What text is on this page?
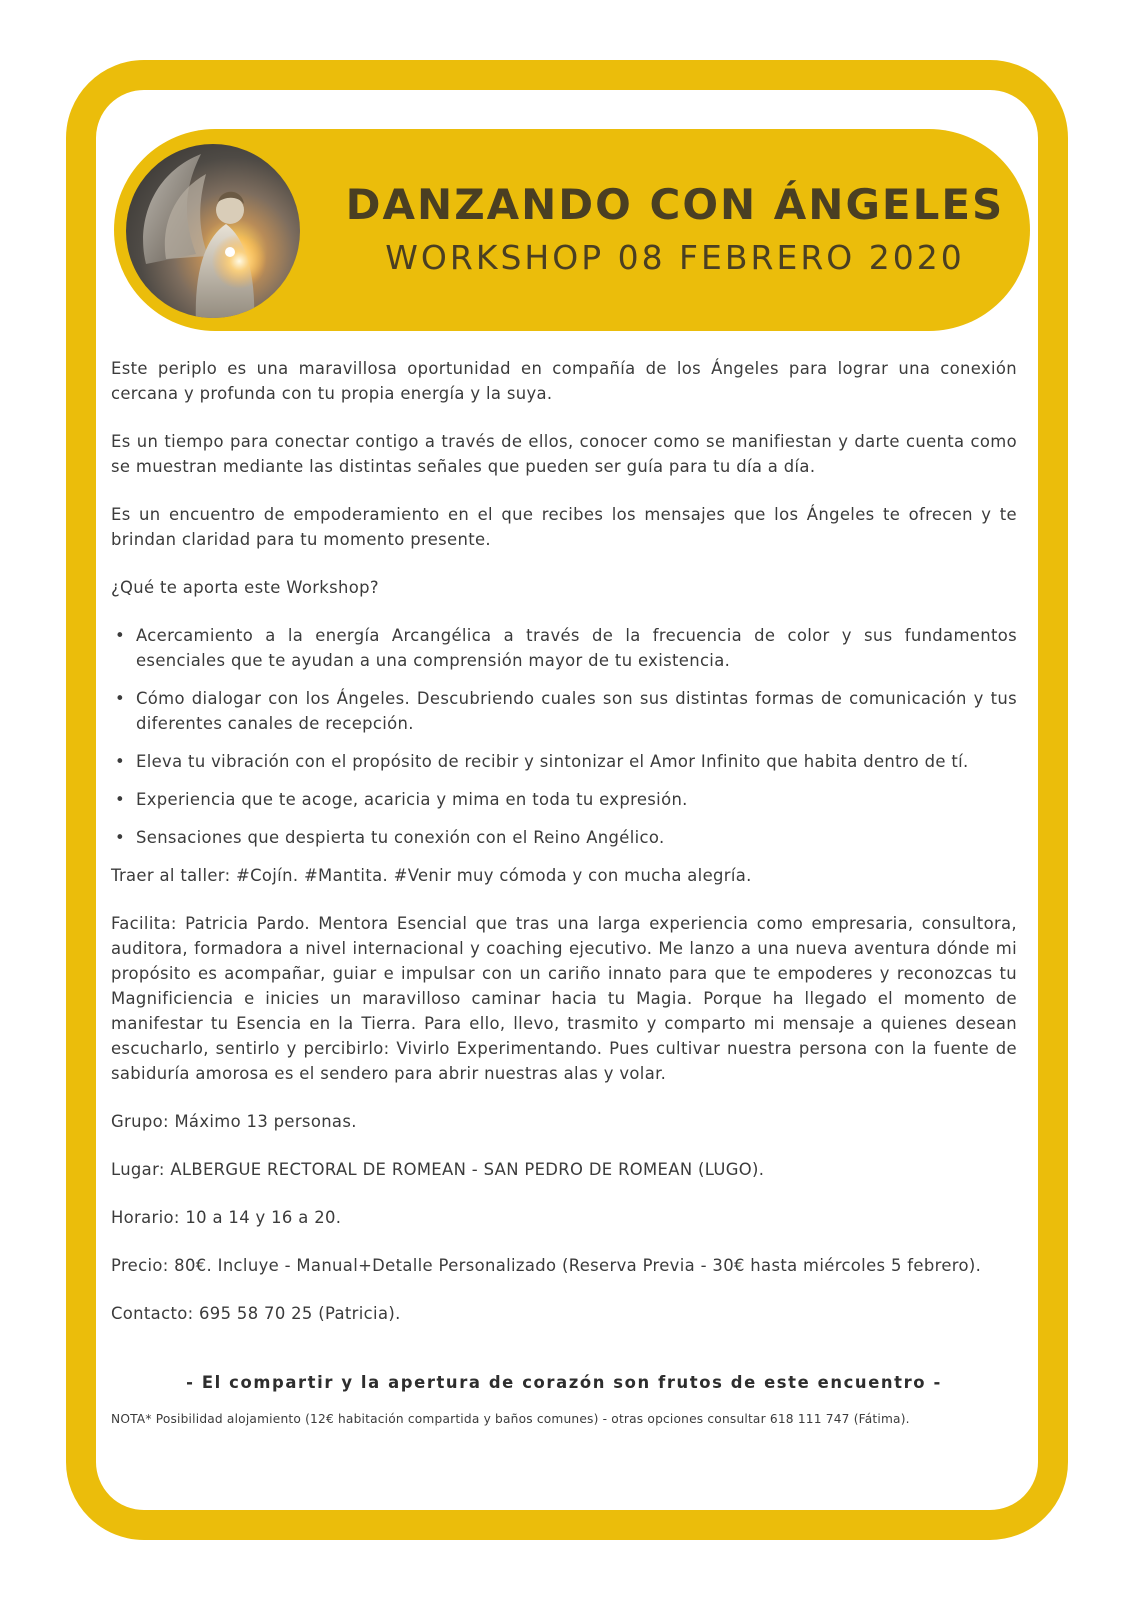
DANZANDO CON ÁNGELES
WORKSHOP 08 FEBRERO 2020

Este periplo es una maravillosa oportunidad en compañía de los Ángeles para lograr una conexión cercana y profunda con tu propia energía y la suya.

Es un tiempo para conectar contigo a través de ellos, conocer como se manifiestan y darte cuenta como se muestran mediante las distintas señales que pueden ser guía para tu día a día.

Es un encuentro de empoderamiento en el que recibes los mensajes que los Ángeles te ofrecen y te brindan claridad para tu momento presente.

¿Qué te aporta este Workshop?

• Acercamiento a la energía Arcangélica a través de la frecuencia de color y sus fundamentos esenciales que te ayudan a una comprensión mayor de tu existencia.
• Cómo dialogar con los Ángeles. Descubriendo cuales son sus distintas formas de comunicación y tus diferentes canales de recepción.
• Eleva tu vibración con el propósito de recibir y sintonizar el Amor Infinito que habita dentro de tí.
• Experiencia que te acoge, acaricia y mima en toda tu expresión.
• Sensaciones que despierta tu conexión con el Reino Angélico.

Traer al taller: #Cojín. #Mantita. #Venir muy cómoda y con mucha alegría.

Facilita: Patricia Pardo. Mentora Esencial que tras una larga experiencia como empresaria, consultora, auditora, formadora a nivel internacional y coaching ejecutivo. Me lanzo a una nueva aventura dónde mi propósito es acompañar, guiar e impulsar con un cariño innato para que te empoderes y reconozcas tu Magnificiencia e inicies un maravilloso caminar hacia tu Magia. Porque ha llegado el momento de manifestar tu Esencia en la Tierra. Para ello, llevo, trasmito y comparto mi mensaje a quienes desean escucharlo, sentirlo y percibirlo: Vivirlo Experimentando. Pues cultivar nuestra persona con la fuente de sabiduría amorosa es el sendero para abrir nuestras alas y volar.

Grupo: Máximo 13 personas.

Lugar: ALBERGUE RECTORAL DE ROMEAN - SAN PEDRO DE ROMEAN (LUGO).

Horario: 10 a 14 y 16 a 20.

Precio: 80€. Incluye - Manual+Detalle Personalizado (Reserva Previa - 30€ hasta miércoles 5 febrero).

Contacto: 695 58 70 25 (Patricia).

- El compartir y la apertura de corazón son frutos de este encuentro -
NOTA* Posibilidad alojamiento (12€ habitación compartida y baños comunes) - otras opciones consultar 618 111 747 (Fátima).
